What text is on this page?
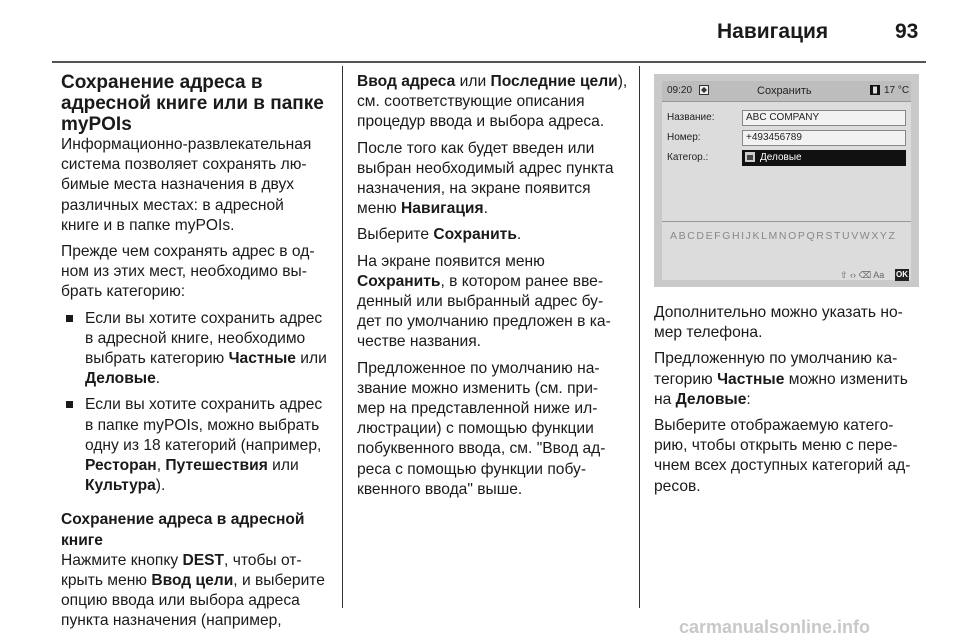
Навигация	93
Сохранение адреса в
адресной книге или в папке
myPOIs

Информационно-развлекательная
система позволяет сохранять лю-
бимые места назначения в двух
различных местах: в адресной
книге и в папке myPOIs.

Прежде чем сохранять адрес в од-
ном из этих мест, необходимо вы-
брать категорию:

Если вы хотите сохранить адрес
в адресной книге, необходимо
выбрать категорию Частные или
Деловые.
Если вы хотите сохранить адрес
в папке myPOIs, можно выбрать
одну из 18 категорий (например,
Ресторан, Путешествия или
Культура).
Сохранение адреса в адресной
книге

Нажмите кнопку DEST, чтобы от-
крыть меню Ввод цели, и выберите
опцию ввода или выбора адреса
пункта назначения (например,

Ввод адреса или Последние цели),
см. соответствующие описания
процедур ввода и выбора адреса.

После того как будет введен или
выбран необходимый адрес пункта
назначения, на экране появится
меню Навигация.

Выберите Сохранить.

На экране появится меню
Сохранить, в котором ранее вве-
денный или выбранный адрес бу-
дет по умолчанию предложен в ка-
честве названия.

Предложенное по умолчанию на-
звание можно изменить (см. при-
мер на представленной ниже ил-
люстрации) с помощью функции
побуквенного ввода, см. "Ввод ад-
реса с помощью функции побу-
квенного ввода" выше.

09:20	Сохранить	17 °C
Название:	ABC COMPANY
Номер:	+493456789
Категор.:	Деловые
ABCDEFGHIJKLMNOPQRSTUVWXYZ
⇧ ‹› ⌫ Aa OK

Дополнительно можно указать но-
мер телефона.

Предложенную по умолчанию ка-
тегорию Частные можно изменить
на Деловые:

Выберите отображаемую катего-
рию, чтобы открыть меню с пере-
чнем всех доступных категорий ад-
ресов.

carmanualsonline.info
